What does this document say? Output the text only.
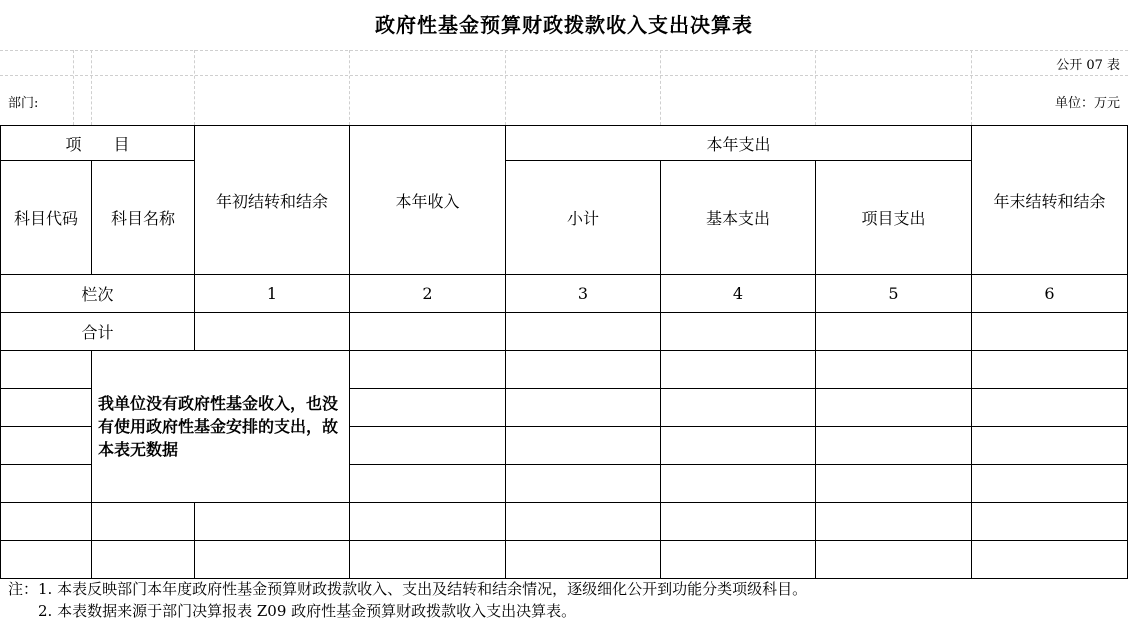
政府性基金预算财政拨款收入支出决算表
公开 07 表
部门:	单位：万元
项　　目		年初结转和结余	本年收入	本年支出			年末结转和结余
科目代码	科目名称			小计	基本支出	项目支出	
栏次		1	2	3	4	5	6
合计							
	我单位没有政府性基金收入，也没有使用政府性基金安排的支出，故本表无数据						

注：1. 本表反映部门本年度政府性基金预算财政拨款收入、支出及结转和结余情况，逐级细化公开到功能分类项级科目。
　　2. 本表数据来源于部门决算报表 Z09 政府性基金预算财政拨款收入支出决算表。
